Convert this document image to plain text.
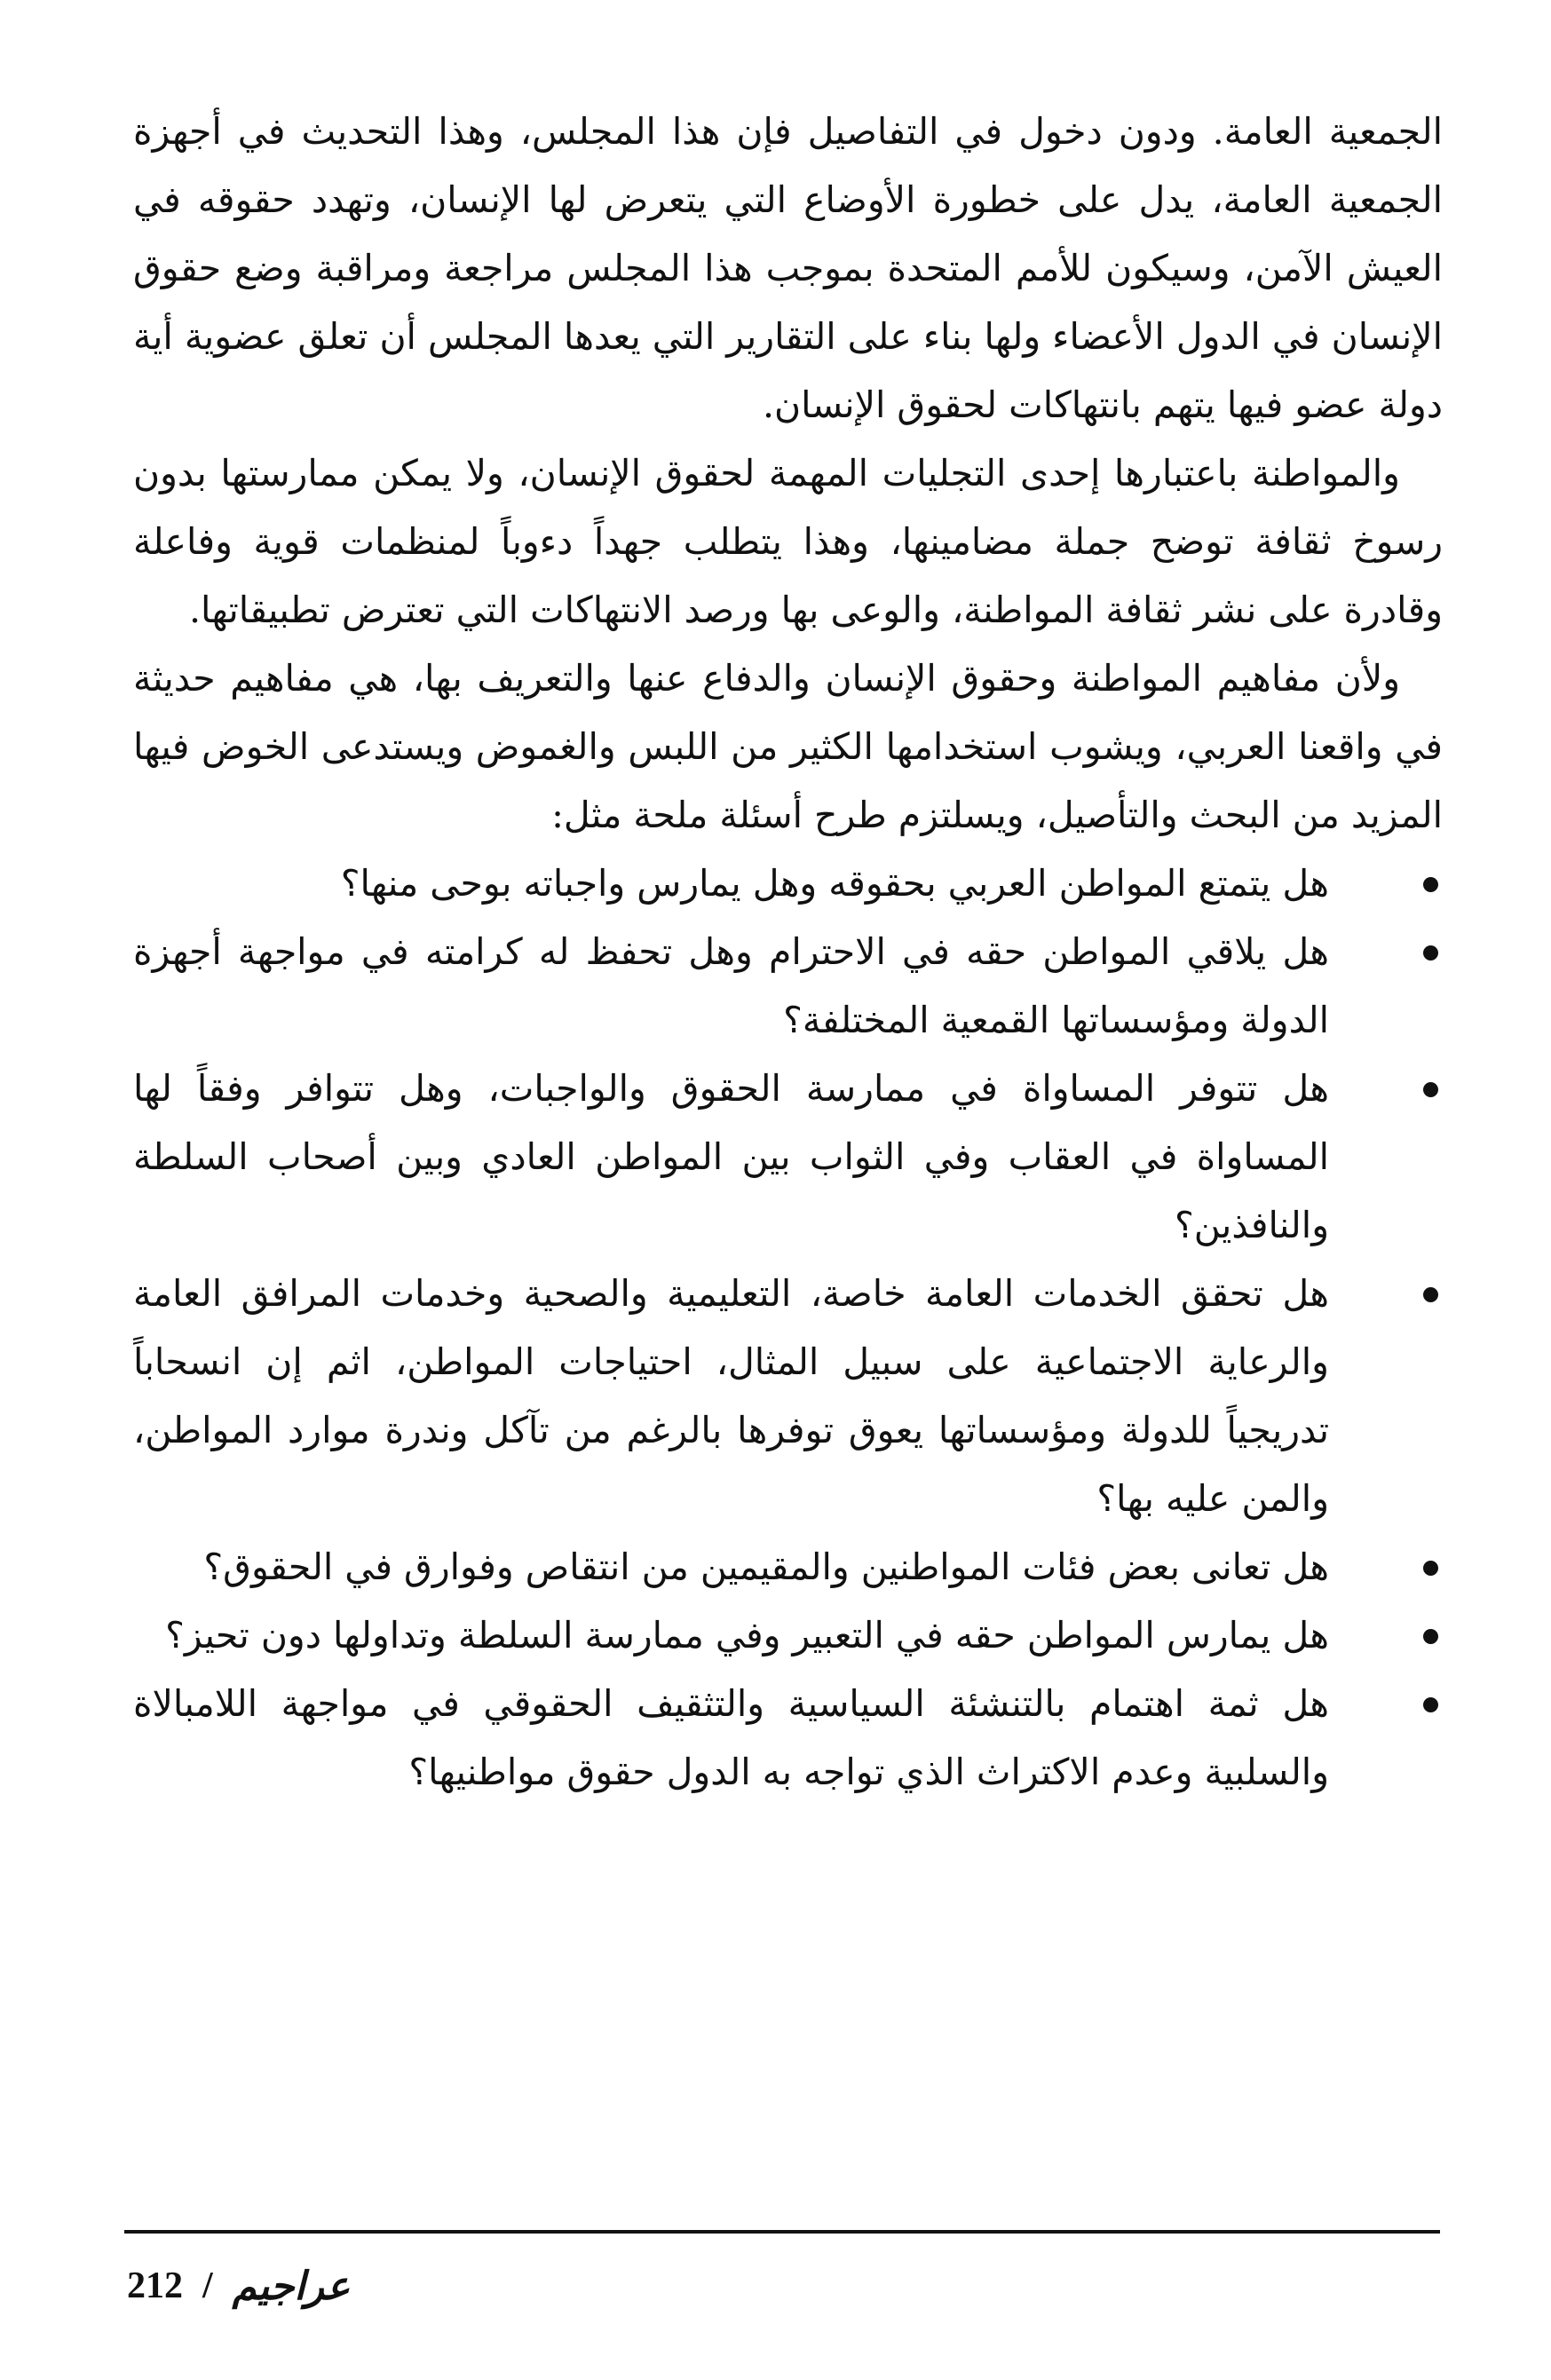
الجمعية العامة. ودون دخول في التفاصيل فإن هذا المجلس، وهذا التحديث في أجهزة الجمعية العامة، يدل على خطورة الأوضاع التي يتعرض لها الإنسان، وتهدد حقوقه في العيش الآمن، وسيكون للأمم المتحدة بموجب هذا المجلس مراجعة ومراقبة وضع حقوق الإنسان في الدول الأعضاء ولها بناء على التقارير التي يعدها المجلس أن تعلق عضوية أية دولة عضو فيها يتهم بانتهاكات لحقوق الإنسان.

والمواطنة باعتبارها إحدى التجليات المهمة لحقوق الإنسان، ولا يمكن ممارستها بدون رسوخ ثقافة توضح جملة مضامينها، وهذا يتطلب جهداً دءوباً لمنظمات قوية وفاعلة وقادرة على نشر ثقافة المواطنة، والوعى بها ورصد الانتهاكات التي تعترض تطبيقاتها.

ولأن مفاهيم المواطنة وحقوق الإنسان والدفاع عنها والتعريف بها، هي مفاهيم حديثة في واقعنا العربي، ويشوب استخدامها الكثير من اللبس والغموض ويستدعى الخوض فيها المزيد من البحث والتأصيل، ويسلتزم طرح أسئلة ملحة مثل:

هل يتمتع المواطن العربي بحقوقه وهل يمارس واجباته بوحى منها؟
هل يلاقي المواطن حقه في الاحترام وهل تحفظ له كرامته في مواجهة أجهزة الدولة ومؤسساتها القمعية المختلفة؟
هل تتوفر المساواة في ممارسة الحقوق والواجبات، وهل تتوافر وفقاً لها المساواة في العقاب وفي الثواب بين المواطن العادي وبين أصحاب السلطة والنافذين؟
هل تحقق الخدمات العامة خاصة، التعليمية والصحية وخدمات المرافق العامة والرعاية الاجتماعية على سبيل المثال، احتياجات المواطن، اثم إن انسحاباً تدريجياً للدولة ومؤسساتها يعوق توفرها بالرغم من تآكل وندرة موارد المواطن، والمن عليه بها؟
هل تعانى بعض فئات المواطنين والمقيمين من انتقاص وفوارق في الحقوق؟
هل يمارس المواطن حقه في التعبير وفي ممارسة السلطة وتداولها دون تحيز؟
هل ثمة اهتمام بالتنشئة السياسية والتثقيف الحقوقي في مواجهة اللامبالاة والسلبية وعدم الاكتراث الذي تواجه به الدول حقوق مواطنيها؟
212 / عراجيم
